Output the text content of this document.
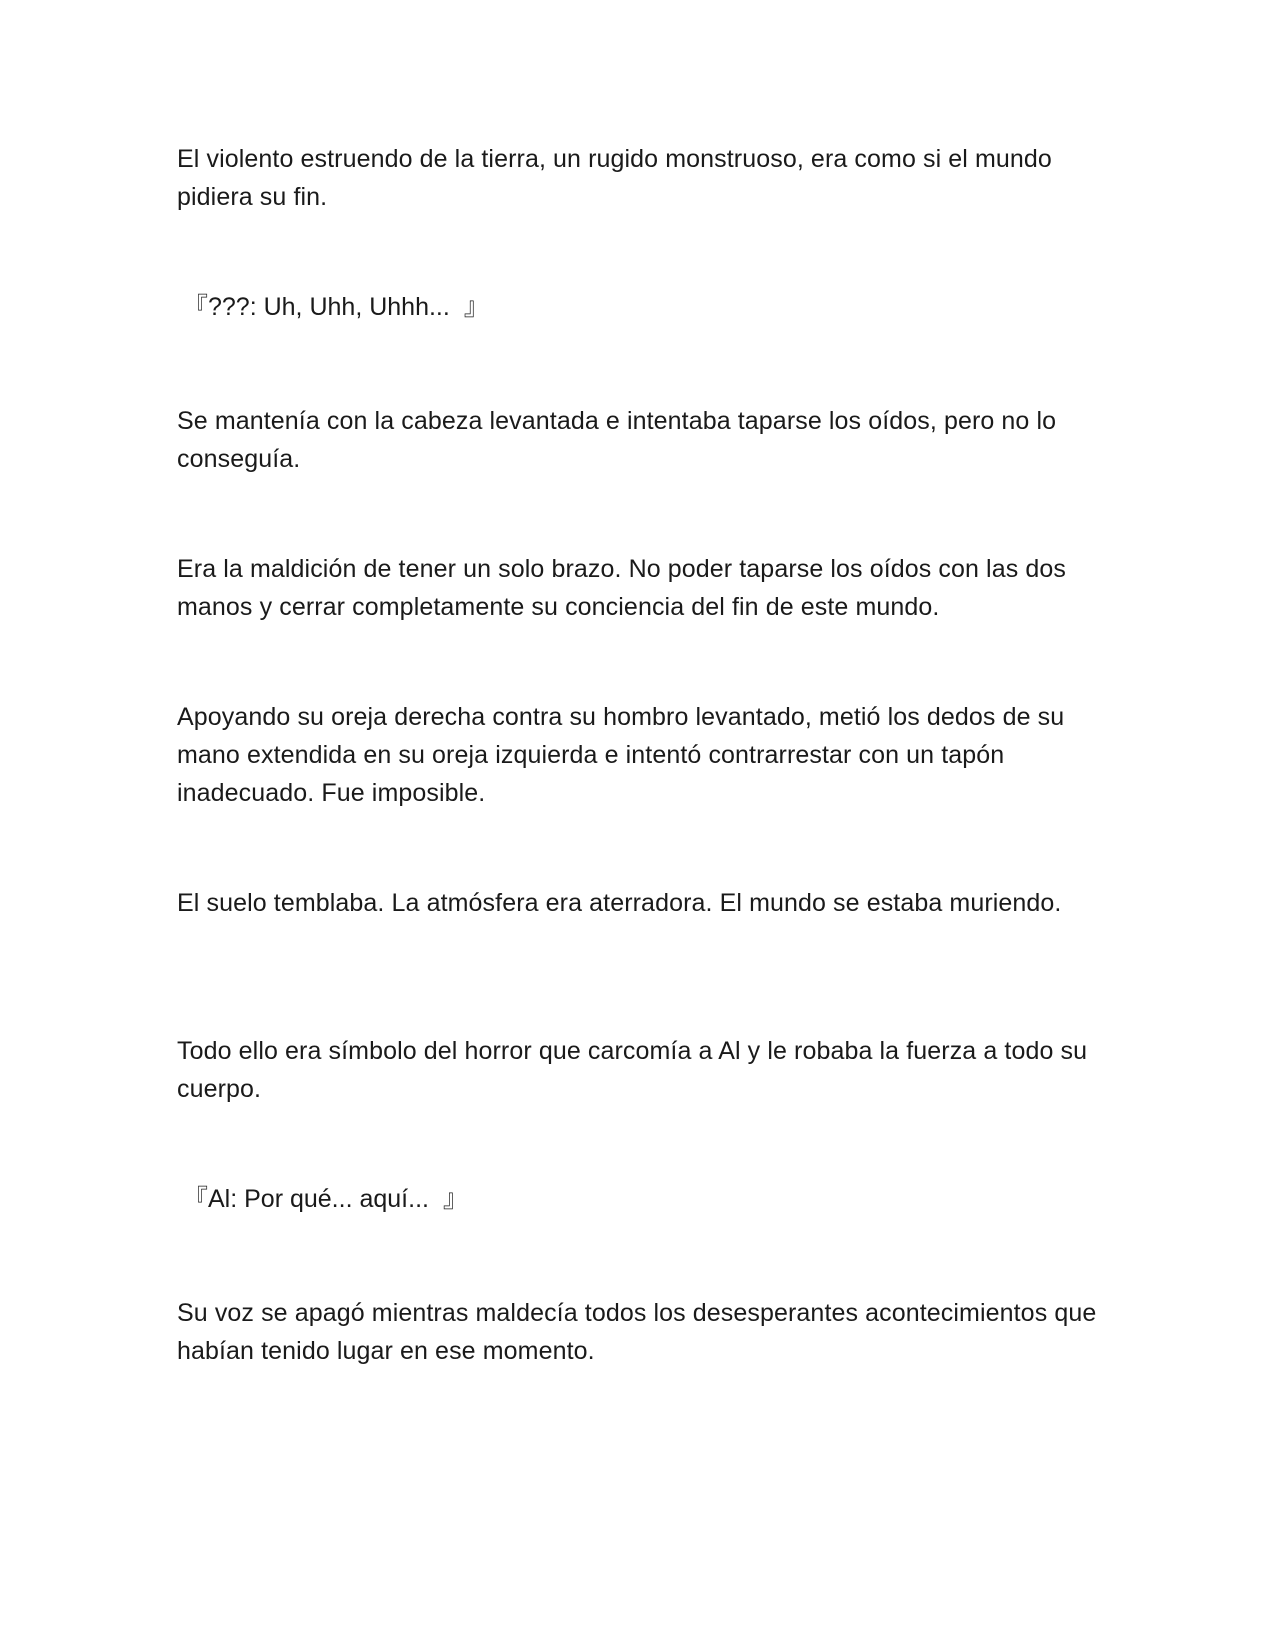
El violento estruendo de la tierra, un rugido monstruoso, era como si el mundo pidiera su fin.

『???: Uh, Uhh, Uhhh...  』

Se mantenía con la cabeza levantada e intentaba taparse los oídos, pero no lo conseguía.

Era la maldición de tener un solo brazo. No poder taparse los oídos con las dos manos y cerrar completamente su conciencia del fin de este mundo.

Apoyando su oreja derecha contra su hombro levantado, metió los dedos de su mano extendida en su oreja izquierda e intentó contrarrestar con un tapón inadecuado. Fue imposible.

El suelo temblaba. La atmósfera era aterradora. El mundo se estaba muriendo.

Todo ello era símbolo del horror que carcomía a Al y le robaba la fuerza a todo su cuerpo.

『Al: Por qué... aquí...  』

Su voz se apagó mientras maldecía todos los desesperantes acontecimientos que habían tenido lugar en ese momento.
